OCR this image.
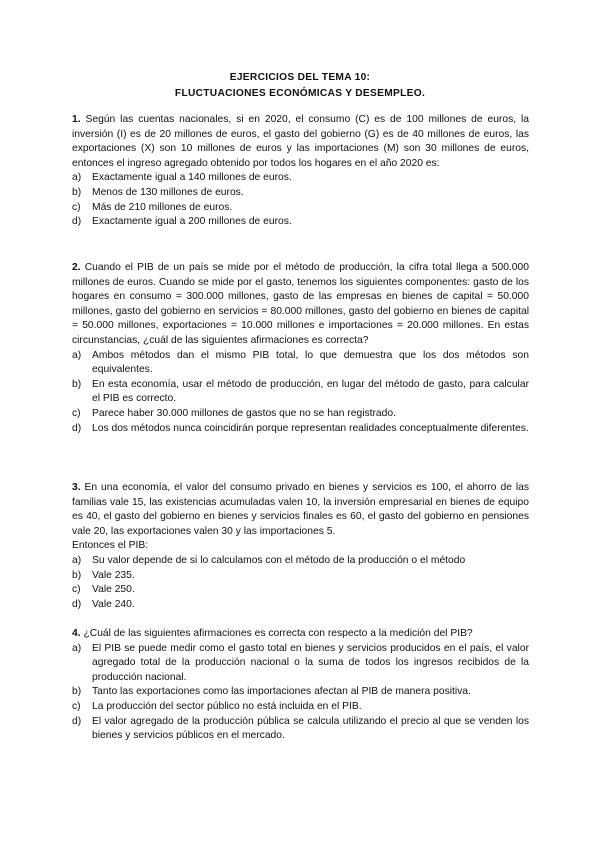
EJERCICIOS DEL TEMA 10:
FLUCTUACIONES ECONÓMICAS Y DESEMPLEO.

1. Según las cuentas nacionales, si en 2020, el consumo (C) es de 100 millones de euros, la inversión (I) es de 20 millones de euros, el gasto del gobierno (G) es de 40 millones de euros, las exportaciones (X) son 10 millones de euros y las importaciones (M) son 30 millones de euros, entonces el ingreso agregado obtenido por todos los hogares en el año 2020 es:

a) Exactamente igual a 140 millones de euros.
b) Menos de 130 millones de euros.
c) Más de 210 millones de euros.
d) Exactamente igual a 200 millones de euros.

2. Cuando el PIB de un país se mide por el método de producción, la cifra total llega a 500.000 millones de euros. Cuando se mide por el gasto, tenemos los siguientes componentes: gasto de los hogares en consumo = 300.000 millones, gasto de las empresas en bienes de capital = 50.000 millones, gasto del gobierno en servicios = 80.000 millones, gasto del gobierno en bienes de capital = 50.000 millones, exportaciones = 10.000 millones e importaciones = 20.000 millones. En estas circunstancias, ¿cuál de las siguientes afirmaciones es correcta?

a) Ambos métodos dan el mismo PIB total, lo que demuestra que los dos métodos son equivalentes.
b) En esta economía, usar el método de producción, en lugar del método de gasto, para calcular el PIB es correcto.
c) Parece haber 30.000 millones de gastos que no se han registrado.
d) Los dos métodos nunca coincidirán porque representan realidades conceptualmente diferentes.

3. En una economía, el valor del consumo privado en bienes y servicios es 100, el ahorro de las familias vale 15, las existencias acumuladas valen 10, la inversión empresarial en bienes de equipo es 40, el gasto del gobierno en bienes y servicios finales es 60, el gasto del gobierno en pensiones vale 20, las exportaciones valen 30 y las importaciones 5.

Entonces el PIB:

a) Su valor depende de si lo calculamos con el método de la producción o el método
b) Vale 235.
c) Vale 250.
d) Vale 240.

4. ¿Cuál de las siguientes afirmaciones es correcta con respecto a la medición del PIB?

a) El PIB se puede medir como el gasto total en bienes y servicios producidos en el país, el valor agregado total de la producción nacional o la suma de todos los ingresos recibidos de la producción nacional.
b) Tanto las exportaciones como las importaciones afectan al PIB de manera positiva.
c) La producción del sector público no está incluida en el PIB.
d) El valor agregado de la producción pública se calcula utilizando el precio al que se venden los bienes y servicios públicos en el mercado.
